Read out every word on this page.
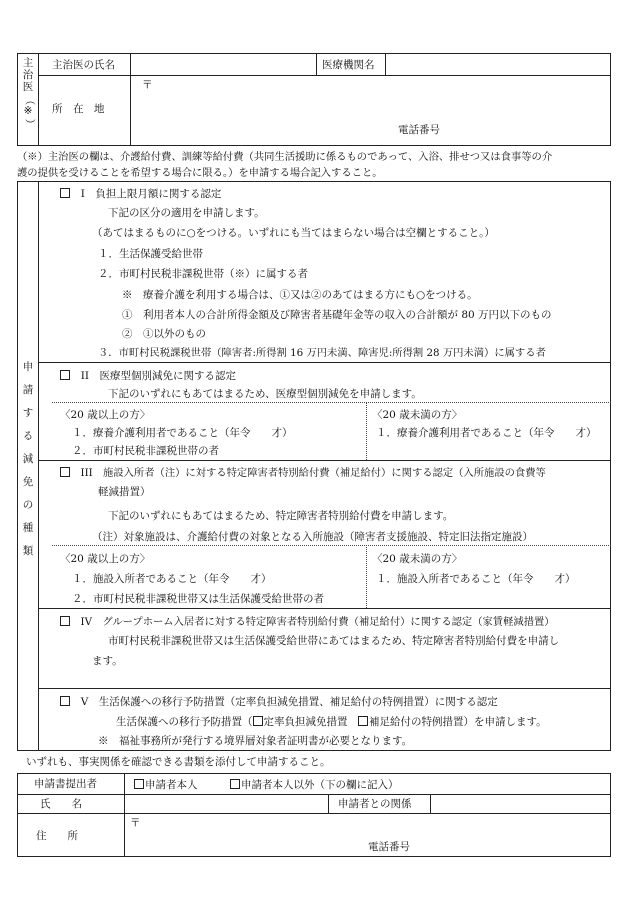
主
治
医
（
※
）
主治医の氏名	医療機関名
所　在　地
〒
電話番号
（※）主治医の欄は、介護給付費、訓練等給付費（共同生活援助に係るものであって、入浴、排せつ又は食事等の介
護の提供を受けることを希望する場合に限る。）を申請する場合記入すること。
申
請
す
る
減
免
の
種
類
I　負担上限月額に関する認定
下記の区分の適用を申請します。
（あてはまるものに○をつける。いずれにも当てはまらない場合は空欄とすること。）
１．生活保護受給世帯
２．市町村民税非課税世帯（※）に属する者
※　療養介護を利用する場合は、①又は②のあてはまる方にも○をつける。
①　利用者本人の合計所得金額及び障害者基礎年金等の収入の合計額が 80 万円以下のもの
②　①以外のもの
３．市町村民税課税世帯（障害者:所得割 16 万円未満、障害児:所得割 28 万円未満）に属する者
II　医療型個別減免に関する認定
下記のいずれにもあてはまるため、医療型個別減免を申請します。
〈20 歳以上の方〉
１．療養介護利用者であること（年令　　才）
２．市町村民税非課税世帯の者
〈20 歳未満の方〉
１．療養介護利用者であること（年令　　才）
III　施設入所者（注）に対する特定障害者特別給付費（補足給付）に関する認定（入所施設の食費等
軽減措置）
下記のいずれにもあてはまるため、特定障害者特別給付費を申請します。
（注）対象施設は、介護給付費の対象となる入所施設（障害者支援施設、特定旧法指定施設）
〈20 歳以上の方〉
１．施設入所者であること（年令　　才）
２．市町村民税非課税世帯又は生活保護受給世帯の者
〈20 歳未満の方〉
１．施設入所者であること（年令　　才）
IV　グループホーム入居者に対する特定障害者特別給付費（補足給付）に関する認定（家賃軽減措置）
市町村民税非課税世帯又は生活保護受給世帯にあてはまるため、特定障害者特別給付費を申請し
ます。
V　生活保護への移行予防措置（定率負担減免措置、補足給付の特例措置）に関する認定
生活保護への移行予防措置（ 定率負担減免措置　補足給付の特例措置）を申請します。
※　福祉事務所が発行する境界層対象者証明書が必要となります。
いずれも、事実関係を確認できる書類を添付して申請すること。
申請書提出者	申請者本人	申請者本人以外（下の欄に記入）
氏　　名	申請者との関係
住　　所
〒
電話番号
